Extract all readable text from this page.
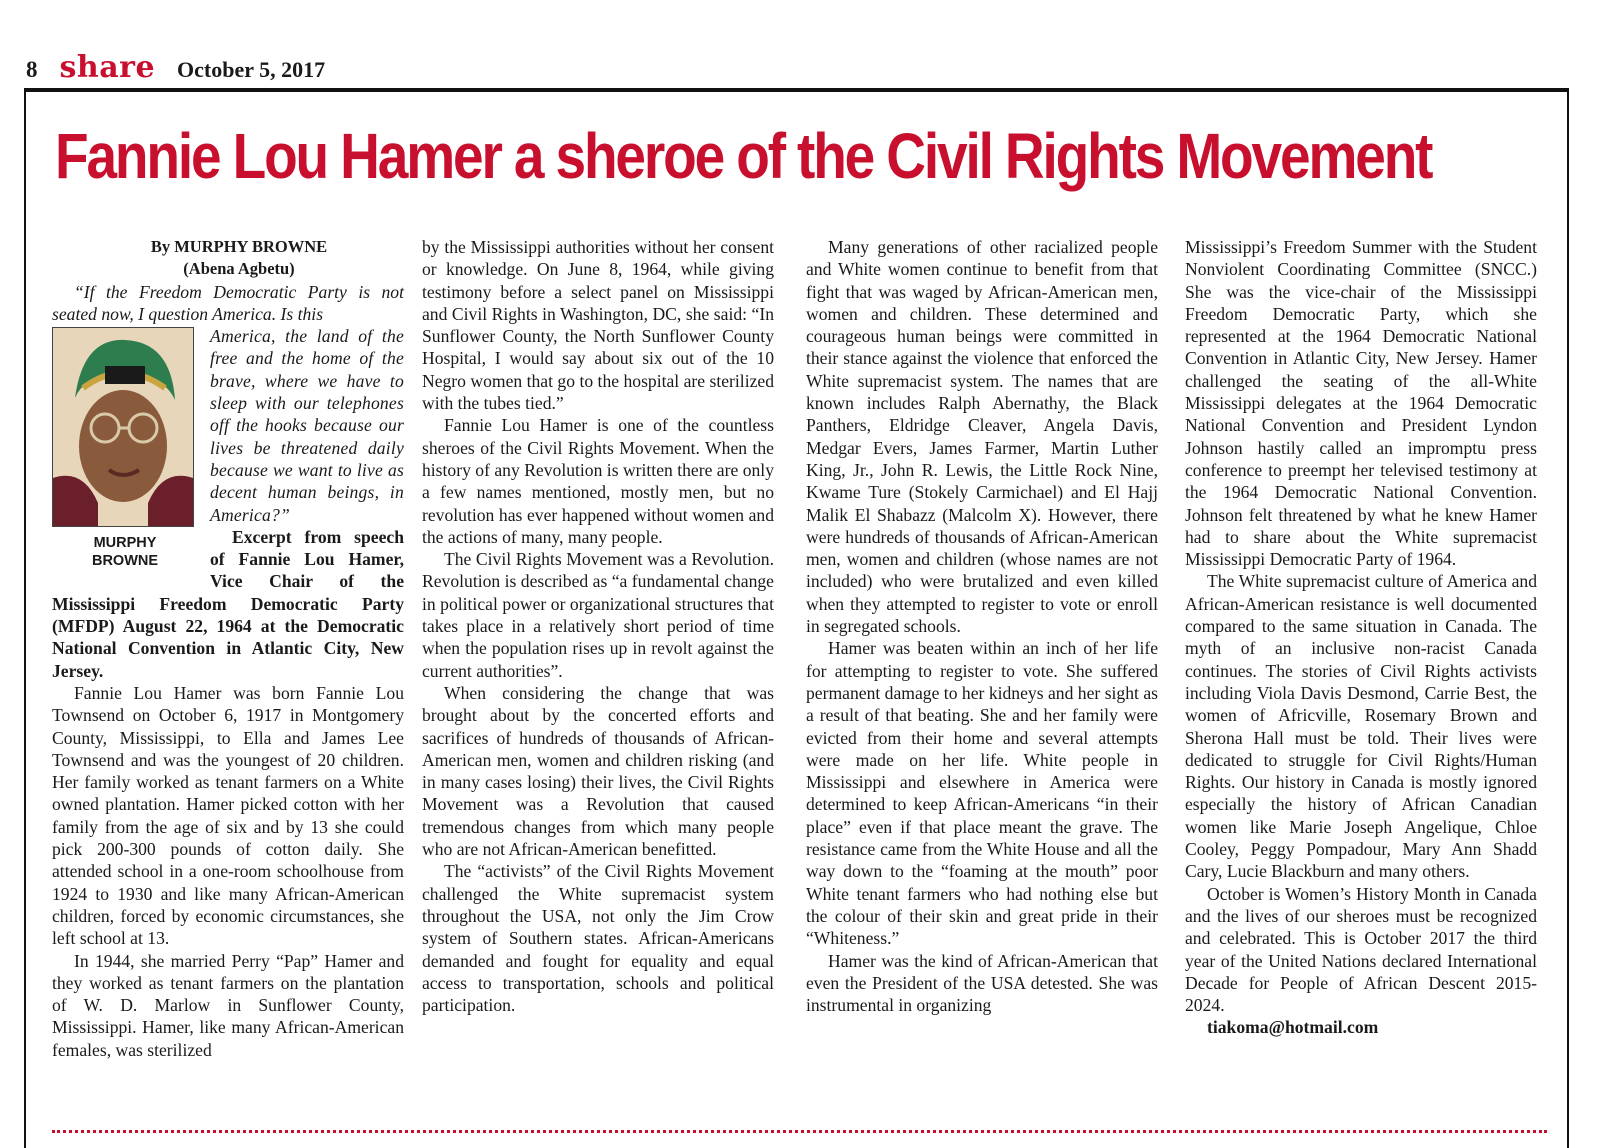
8 share October 5, 2017
Fannie Lou Hamer a sheroe of the Civil Rights Movement

By MURPHY BROWNE

(Abena Agbetu)

“If the Freedom Democratic Party is not seated now, I question America. Is this

MURPHY
BROWNE

America, the land of the free and the home of the brave, where we have to sleep with our telephones off the hooks because our lives be threatened daily because we want to live as decent human beings, in America?”

Excerpt from speech of Fannie Lou Hamer, Vice Chair of the Mississippi Freedom Democratic Party (MFDP) August 22, 1964 at the Democratic National Convention in Atlantic City, New Jersey.

Fannie Lou Hamer was born Fannie Lou Townsend on October 6, 1917 in Montgomery County, Mississippi, to Ella and James Lee Townsend and was the youngest of 20 children. Her family worked as tenant farmers on a White owned plantation. Hamer picked cotton with her family from the age of six and by 13 she could pick 200-300 pounds of cotton daily. She attended school in a one-room schoolhouse from 1924 to 1930 and like many African-American children, forced by economic circumstances, she left school at 13.

In 1944, she married Perry “Pap” Hamer and they worked as tenant farmers on the plantation of W. D. Marlow in Sunflower County, Mississippi. Hamer, like many African-American females, was sterilized

by the Mississippi authorities without her consent or knowledge. On June 8, 1964, while giving testimony before a select panel on Mississippi and Civil Rights in Washington, DC, she said: “In Sunflower County, the North Sunflower County Hospital, I would say about six out of the 10 Negro women that go to the hospital are sterilized with the tubes tied.”

Fannie Lou Hamer is one of the countless sheroes of the Civil Rights Movement. When the history of any Revolution is written there are only a few names mentioned, mostly men, but no revolution has ever happened without women and the actions of many, many people.

The Civil Rights Movement was a Revolution. Revolution is described as “a fundamental change in political power or organizational structures that takes place in a relatively short period of time when the population rises up in revolt against the current authorities”.

When considering the change that was brought about by the concerted efforts and sacrifices of hundreds of thousands of African-American men, women and children risking (and in many cases losing) their lives, the Civil Rights Movement was a Revolution that caused tremendous changes from which many people who are not African-American benefitted.

The “activists” of the Civil Rights Movement challenged the White supremacist system throughout the USA, not only the Jim Crow system of Southern states. African-Americans demanded and fought for equality and equal access to transportation, schools and political participation.

Many generations of other racialized people and White women continue to benefit from that fight that was waged by African-American men, women and children. These determined and courageous human beings were committed in their stance against the violence that enforced the White supremacist system. The names that are known includes Ralph Abernathy, the Black Panthers, Eldridge Cleaver, Angela Davis, Medgar Evers, James Farmer, Martin Luther King, Jr., John R. Lewis, the Little Rock Nine, Kwame Ture (Stokely Carmichael) and El Hajj Malik El Shabazz (Malcolm X). However, there were hundreds of thousands of African-American men, women and children (whose names are not included) who were brutalized and even killed when they attempted to register to vote or enroll in segregated schools.

Hamer was beaten within an inch of her life for attempting to register to vote. She suffered permanent damage to her kidneys and her sight as a result of that beating. She and her family were evicted from their home and several attempts were made on her life. White people in Mississippi and elsewhere in America were determined to keep African-Americans “in their place” even if that place meant the grave. The resistance came from the White House and all the way down to the “foaming at the mouth” poor White tenant farmers who had nothing else but the colour of their skin and great pride in their “Whiteness.”

Hamer was the kind of African-American that even the President of the USA detested. She was instrumental in organizing

Mississippi’s Freedom Summer with the Student Nonviolent Coordinating Committee (SNCC.) She was the vice-chair of the Mississippi Freedom Democratic Party, which she represented at the 1964 Democratic National Convention in Atlantic City, New Jersey. Hamer challenged the seating of the all-White Mississippi delegates at the 1964 Democratic National Convention and President Lyndon Johnson hastily called an impromptu press conference to preempt her televised testimony at the 1964 Democratic National Convention. Johnson felt threatened by what he knew Hamer had to share about the White supremacist Mississippi Democratic Party of 1964.

The White supremacist culture of America and African-American resistance is well documented compared to the same situation in Canada. The myth of an inclusive non-racist Canada continues. The stories of Civil Rights activists including Viola Davis Desmond, Carrie Best, the women of Africville, Rosemary Brown and Sherona Hall must be told. Their lives were dedicated to struggle for Civil Rights/Human Rights. Our history in Canada is mostly ignored especially the history of African Canadian women like Marie Joseph Angelique, Chloe Cooley, Peggy Pompadour, Mary Ann Shadd Cary, Lucie Blackburn and many others.

October is Women’s History Month in Canada and the lives of our sheroes must be recognized and celebrated. This is October 2017 the third year of the United Nations declared International Decade for People of African Descent 2015-2024.

tiakoma@hotmail.com
